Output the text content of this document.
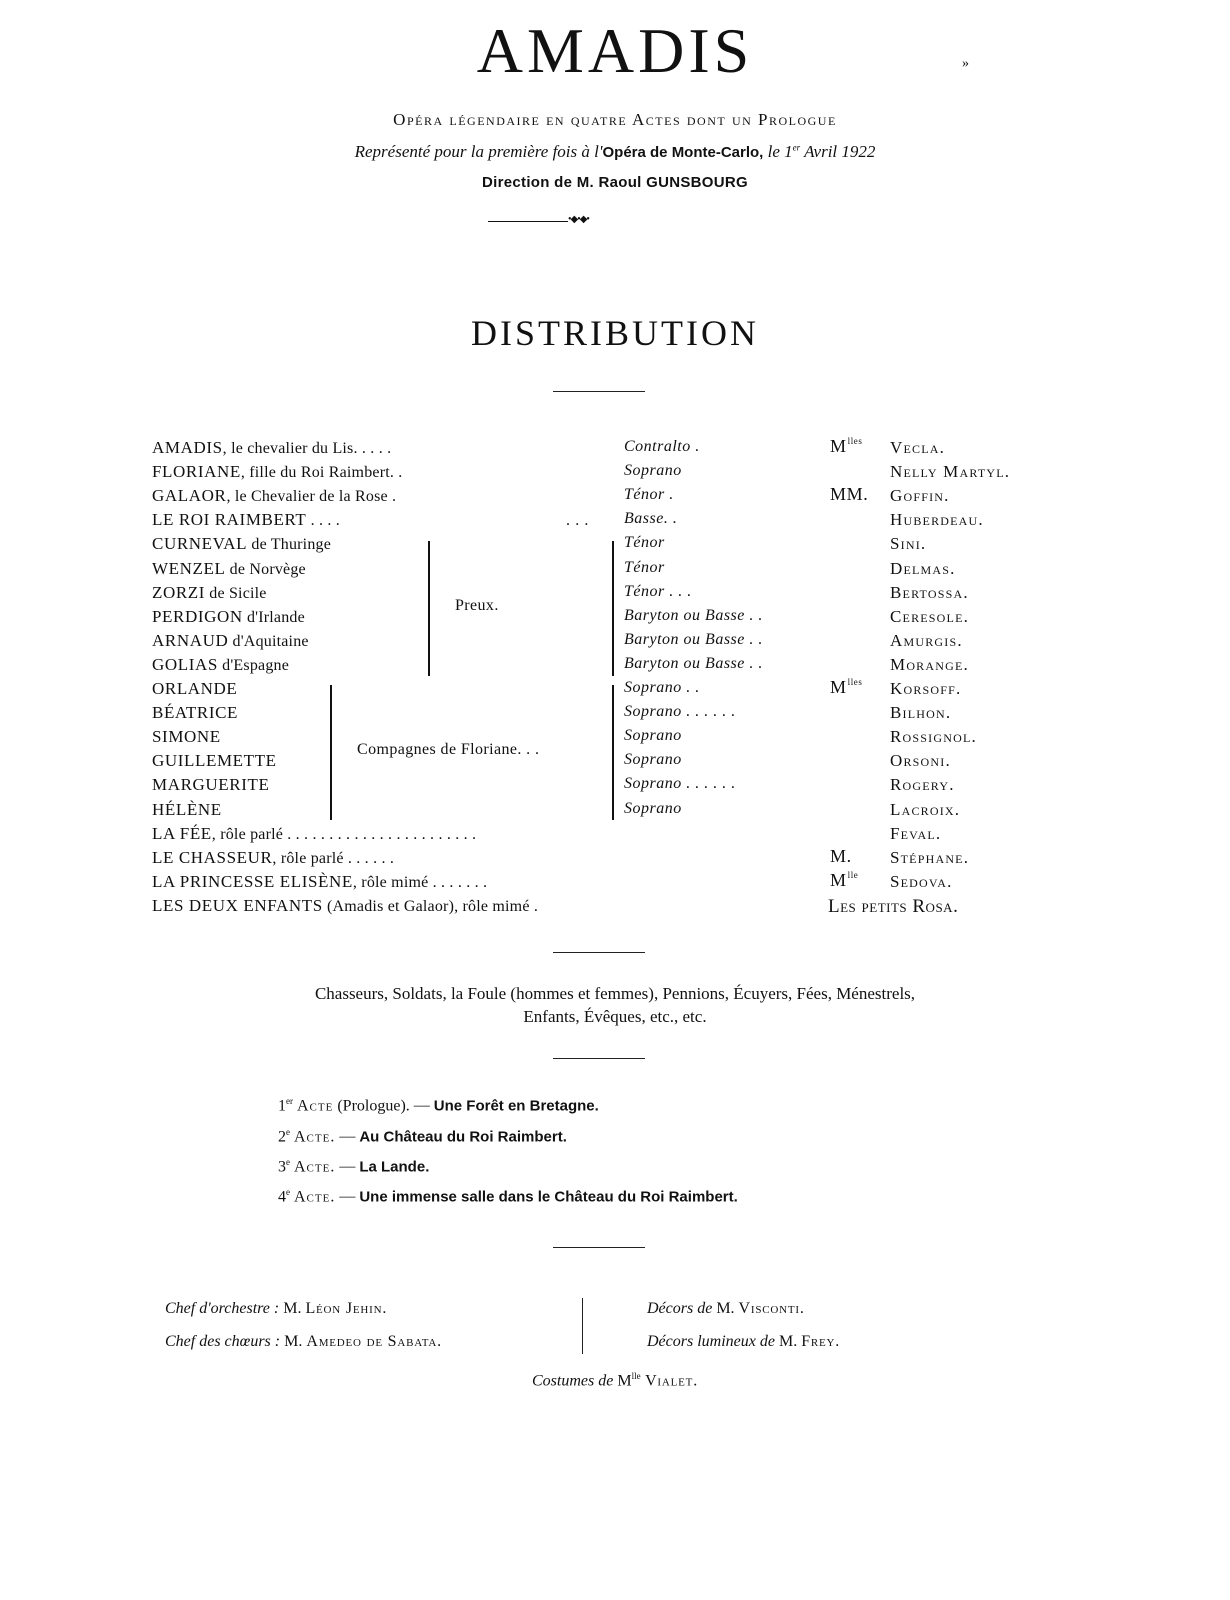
AMADIS	»
Opéra légendaire en quatre Actes dont un Prologue
Représenté pour la première fois à l'Opéra de Monte-Carlo, le 1er Avril 1922
Direction de M. Raoul GUNSBOURG
•◆•◆•
DISTRIBUTION
AMADIS, le chevalier du Lis. . . . .	Contralto .	$M^{lles}$ Vecla.
FLORIANE, fille du Roi Raimbert. .	Soprano	Nelly Martyl.
GALAOR, le Chevalier de la Rose .	Ténor .	MM. Goffin.
LE ROI RAIMBERT . . . .	Basse. .	Huberdeau.
CURNEVAL de Thuringe	Ténor	Sini.
WENZEL de Norvège	Ténor	Delmas.
ZORZI de Sicile	Ténor . . .	Bertossa.
PERDIGON d'Irlande	Baryton ou Basse . .	Ceresole.
ARNAUD d'Aquitaine	Baryton ou Basse . .	Amurgis.
GOLIAS d'Espagne	Baryton ou Basse . .	Morange.
ORLANDE	Soprano . .	$M^{lles}$ Korsoff.
BÉATRICE	Soprano . . . . . .	Bilhon.
SIMONE	Soprano	Rossignol.
GUILLEMETTE	Soprano	Orsoni.
MARGUERITE	Soprano . . . . . .	Rogery.
HÉLÈNE	Soprano	Lacroix.
LA FÉE, rôle parlé . . . . . . . . . . . . . . . . . . . . . . .	Feval.
LE CHASSEUR, rôle parlé . . . . . .	M. Stéphane.
LA PRINCESSE ELISÈNE, rôle mimé . . . . . . .	$M^{lle}$ Sedova.
LES DEUX ENFANTS (Amadis et Galaor), rôle mimé .	Les petits Rosa.
Preux.
Compagnes de Floriane. . .
. . .
Chasseurs, Soldats, la Foule (hommes et femmes), Pennions, Écuyers, Fées, Ménestrels,
Enfants, Évêques, etc., etc.
1er Acte (Prologue). — Une Forêt en Bretagne.
2e Acte. — Au Château du Roi Raimbert.
3e Acte. — La Lande.
4e Acte. — Une immense salle dans le Château du Roi Raimbert.
Chef d'orchestre : M. Léon Jehin.
Chef des chœurs : M. Amedeo de Sabata.
Décors de M. Visconti.
Décors lumineux de M. Frey.
Costumes de $M^{lle}$ Vialet.
